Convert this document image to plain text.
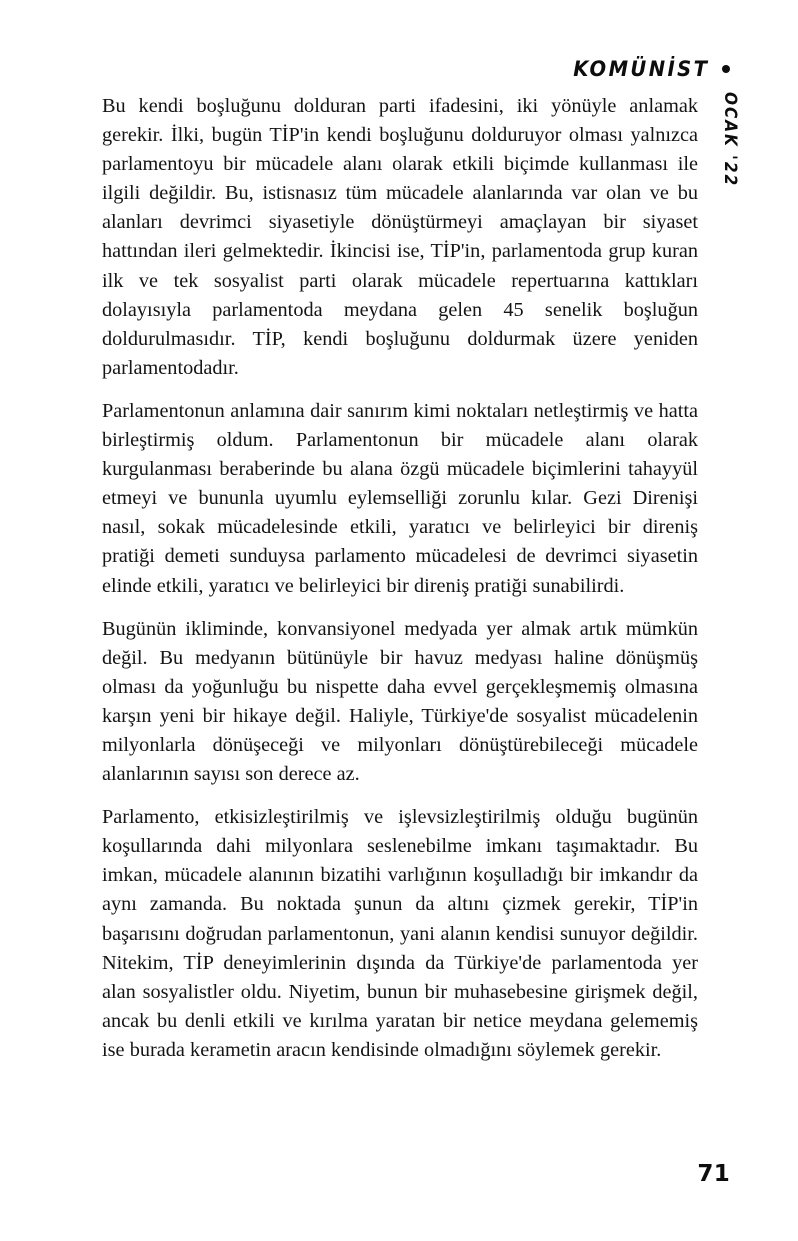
KOMÜNİST
OCAK '22

Bu kendi boşluğunu dolduran parti ifadesini, iki yönüyle anlamak gerekir. İlki, bugün TİP'in kendi boşluğunu dolduruyor olması yalnızca parlamentoyu bir mücadele alanı olarak etkili biçimde kullanması ile ilgili değildir. Bu, istisnasız tüm mücadele alanlarında var olan ve bu alanları devrimci siyasetiyle dönüştürmeyi amaçlayan bir siyaset hattından ileri gelmektedir. İkincisi ise, TİP'in, parlamentoda grup kuran ilk ve tek sosyalist parti olarak mücadele repertuarına kattıkları dolayısıyla parlamentoda meydana gelen 45 senelik boşluğun doldurulmasıdır. TİP, kendi boşluğunu doldurmak üzere yeniden parlamentodadır.

Parlamentonun anlamına dair sanırım kimi noktaları netleştirmiş ve hatta birleştirmiş oldum. Parlamentonun bir mücadele alanı olarak kurgulanması beraberinde bu alana özgü mücadele biçimlerini tahayyül etmeyi ve bununla uyumlu eylemselliği zorunlu kılar. Gezi Direnişi nasıl, sokak mücadelesinde etkili, yaratıcı ve belirleyici bir direniş pratiği demeti sunduysa parlamento mücadelesi de devrimci siyasetin elinde etkili, yaratıcı ve belirleyici bir direniş pratiği sunabilirdi.

Bugünün ikliminde, konvansiyonel medyada yer almak artık mümkün değil. Bu medyanın bütünüyle bir havuz medyası haline dönüşmüş olması da yoğunluğu bu nispette daha evvel gerçekleşmemiş olmasına karşın yeni bir hikaye değil. Haliyle, Türkiye'de sosyalist mücadelenin milyonlarla dönüşeceği ve milyonları dönüştürebileceği mücadele alanlarının sayısı son derece az.

Parlamento, etkisizleştirilmiş ve işlevsizleştirilmiş olduğu bugünün koşullarında dahi milyonlara seslenebilme imkanı taşımaktadır. Bu imkan, mücadele alanının bizatihi varlığının koşulladığı bir imkandır da aynı zamanda. Bu noktada şunun da altını çizmek gerekir, TİP'in başarısını doğrudan parlamentonun, yani alanın kendisi sunuyor değildir. Nitekim, TİP deneyimlerinin dışında da Türkiye'de parlamentoda yer alan sosyalistler oldu. Niyetim, bunun bir muhasebesine girişmek değil, ancak bu denli etkili ve kırılma yaratan bir netice meydana gelememiş ise burada kerametin aracın kendisinde olmadığını söylemek gerekir.

71
